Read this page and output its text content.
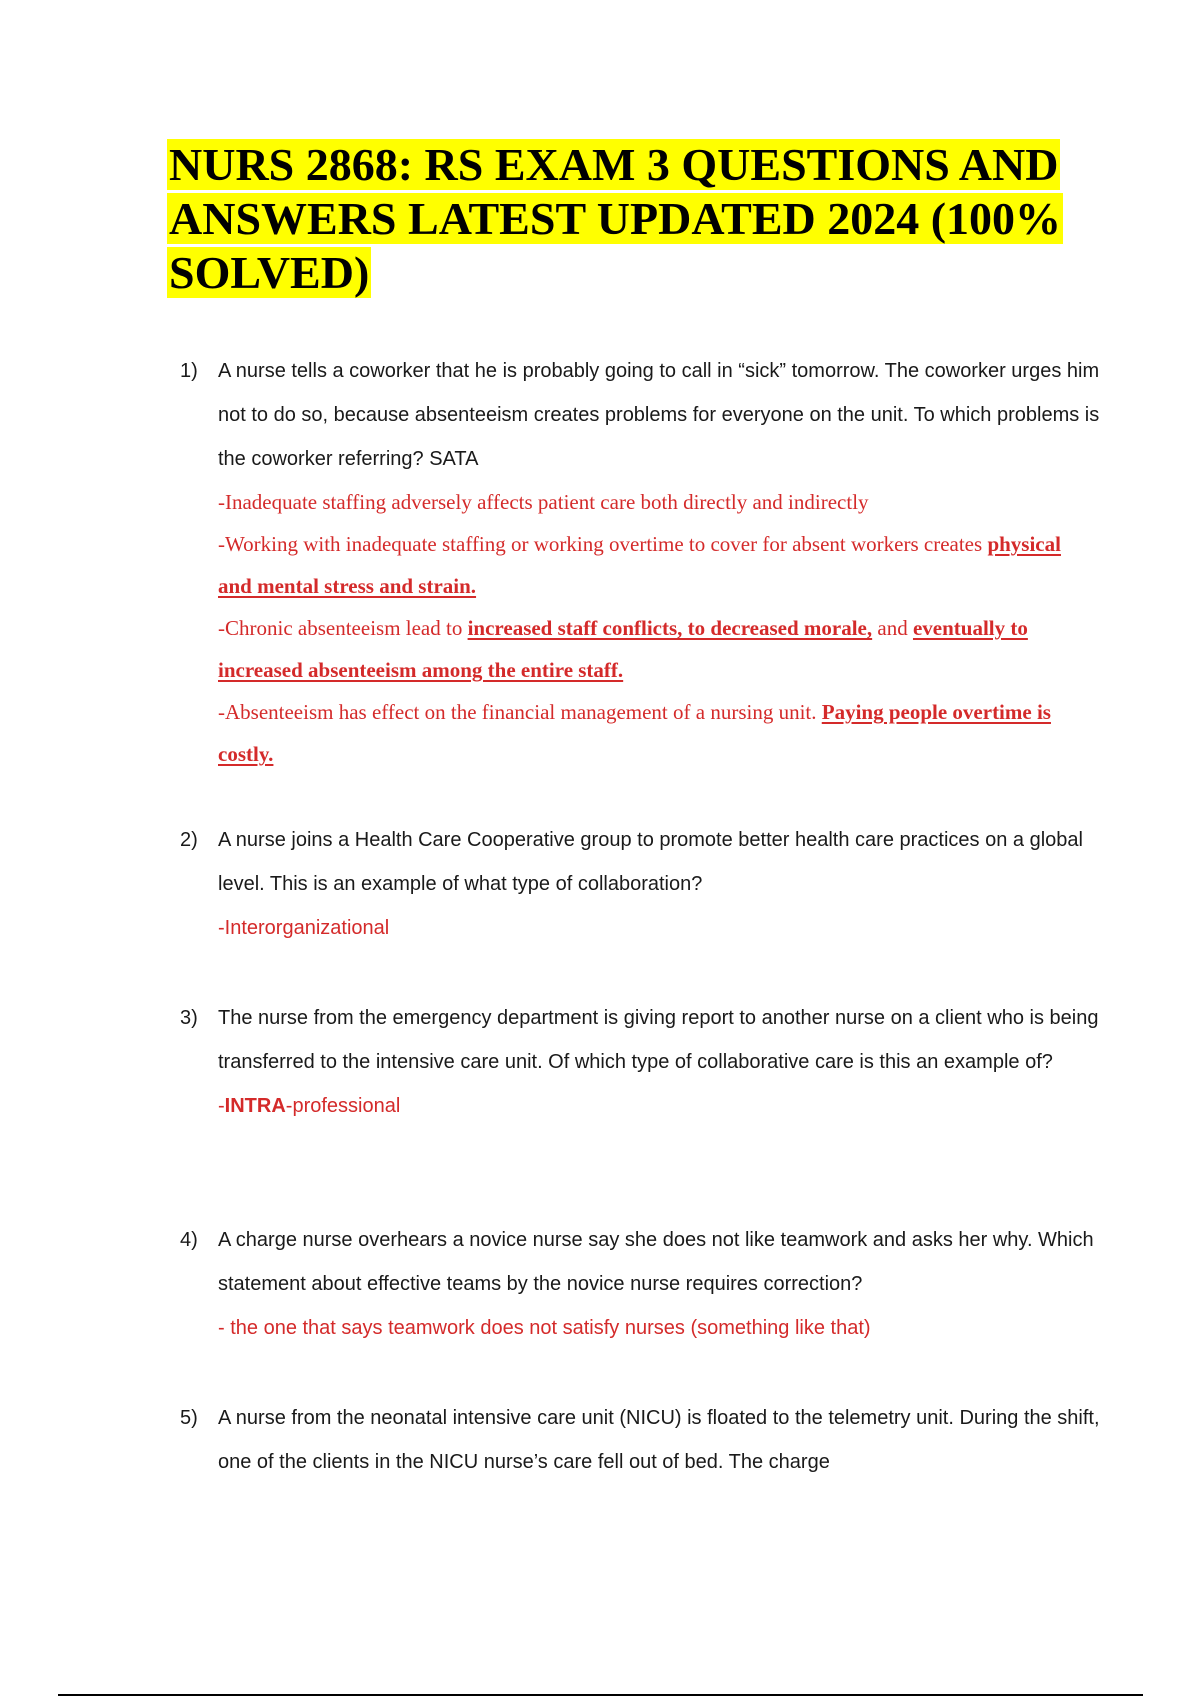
NURS 2868: RS EXAM 3 QUESTIONS AND ANSWERS LATEST UPDATED 2024 (100% SOLVED)
1)	A nurse tells a coworker that he is probably going to call in “sick” tomorrow. The coworker urges him not to do so, because absenteeism creates problems for everyone on the unit. To which problems is the coworker referring? SATA
-Inadequate staffing adversely affects patient care both directly and indirectly
-Working with inadequate staffing or working overtime to cover for absent workers creates physical and mental stress and strain.
-Chronic absenteeism lead to increased staff conflicts, to decreased morale, and eventually to increased absenteeism among the entire staff.
-Absenteeism has effect on the financial management of a nursing unit. Paying people overtime is costly.
2)	A nurse joins a Health Care Cooperative group to promote better health care practices on a global level. This is an example of what type of collaboration?
-Interorganizational
3)	The nurse from the emergency department is giving report to another nurse on a client who is being transferred to the intensive care unit. Of which type of collaborative care is this an example of?
-INTRA-professional
4)	A charge nurse overhears a novice nurse say she does not like teamwork and asks her why. Which statement about effective teams by the novice nurse requires correction?
- the one that says teamwork does not satisfy nurses (something like that)
5)	A nurse from the neonatal intensive care unit (NICU) is floated to the telemetry unit. During the shift, one of the clients in the NICU nurse’s care fell out of bed. The charge
